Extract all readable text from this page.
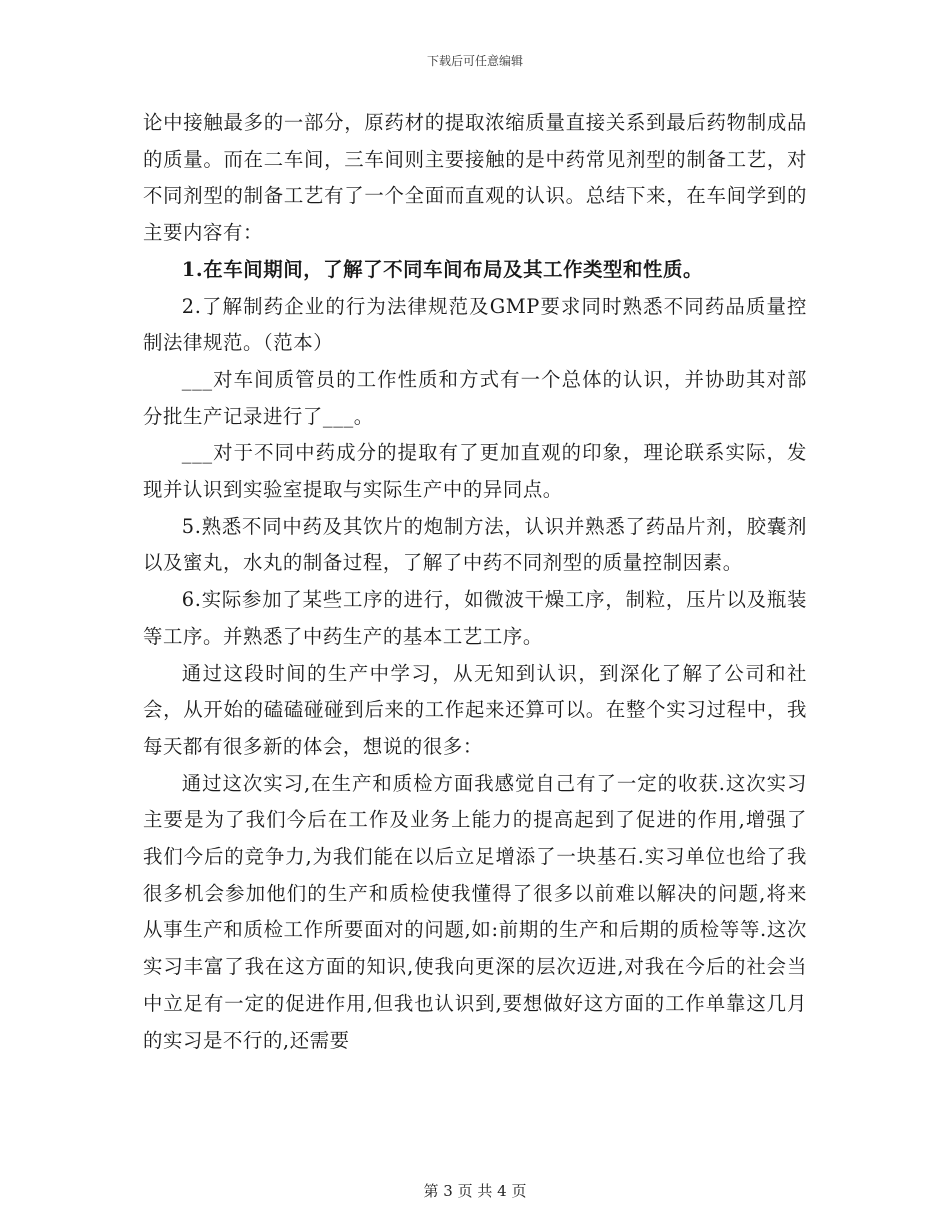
下载后可任意编辑

论中接触最多的一部分，原药材的提取浓缩质量直接关系到最后药物制成品的质量。而在二车间，三车间则主要接触的是中药常见剂型的制备工艺，对不同剂型的制备工艺有了一个全面而直观的认识。总结下来，在车间学到的主要内容有：

1.在车间期间，了解了不同车间布局及其工作类型和性质。

2.了解制药企业的行为法律规范及GMP要求同时熟悉不同药品质量控制法律规范。（范本）

___对车间质管员的工作性质和方式有一个总体的认识，并协助其对部分批生产记录进行了___。

___对于不同中药成分的提取有了更加直观的印象，理论联系实际，发现并认识到实验室提取与实际生产中的异同点。

5.熟悉不同中药及其饮片的炮制方法，认识并熟悉了药品片剂，胶囊剂以及蜜丸，水丸的制备过程，了解了中药不同剂型的质量控制因素。

6.实际参加了某些工序的进行，如微波干燥工序，制粒，压片以及瓶装等工序。并熟悉了中药生产的基本工艺工序。

通过这段时间的生产中学习，从无知到认识，到深化了解了公司和社会，从开始的磕磕碰碰到后来的工作起来还算可以。在整个实习过程中，我每天都有很多新的体会，想说的很多：

通过这次实习,在生产和质检方面我感觉自己有了一定的收获.这次实习主要是为了我们今后在工作及业务上能力的提高起到了促进的作用,增强了我们今后的竞争力,为我们能在以后立足增添了一块基石.实习单位也给了我很多机会参加他们的生产和质检使我懂得了很多以前难以解决的问题,将来从事生产和质检工作所要面对的问题,如:前期的生产和后期的质检等等.这次实习丰富了我在这方面的知识,使我向更深的层次迈进,对我在今后的社会当中立足有一定的促进作用,但我也认识到,要想做好这方面的工作单靠这几月的实习是不行的,还需要

第 3 页 共 4 页
